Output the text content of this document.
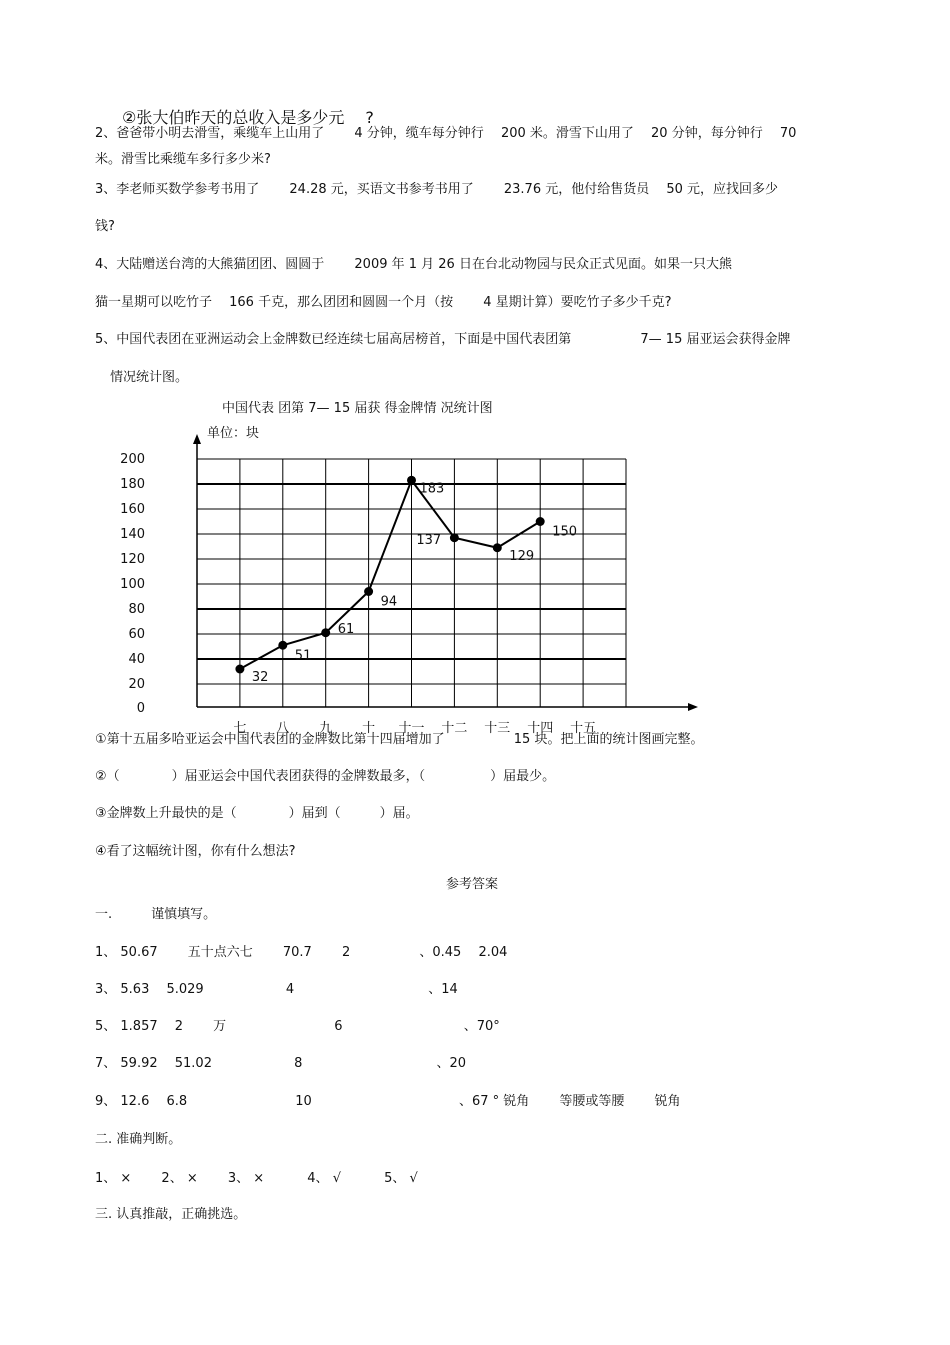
②张大伯昨天的总收入是多少元　 ?
2、爸爸带小明去滑雪，乘缆车上山用了　　 4 分钟，缆车每分钟行　 200 米。滑雪下山用了　 20 分钟，每分钟行　 70
米。滑雪比乘缆车多行多少米?
3、李老师买数学参考书用了　　 24.28 元，买语文书参考书用了　　 23.76 元，他付给售货员　 50 元，应找回多少
钱?
4、大陆赠送台湾的大熊猫团团、圆圆于　　 2009 年 1 月 26 日在台北动物园与民众正式见面。如果一只大熊
猫一星期可以吃竹子　 166 千克，那么团团和圆圆一个月（按　　 4 星期计算）要吃竹子多少千克?
5、中国代表团在亚洲运动会上金牌数已经连续七届高居榜首，下面是中国代表团第　　　　　 7— 15 届亚运会获得金牌
情况统计图。
中国代表 团第 7— 15 届获 得金牌情 况统计图
单位：块
0
20
40
60
80
100
120
140
160
180
200
七 八 九 十 十一 十二 十三 十四 十五
32
51
61
94
183
137
129
150
①第十五届多哈亚运会中国代表团的金牌数比第十四届增加了　　　　　 15 块。把上面的统计图画完整。
②（　　　　）届亚运会中国代表团获得的金牌数最多，（　　　　　）届最少。
③金牌数上升最快的是（　　　　）届到（　　　）届。
④看了这幅统计图，你有什么想法?
参考答案
一.　　　谨慎填写。
1、 50.67　　 五十点六七　　 70.7　　 2　　　　　 、0.45　 2.04
3、 5.63　 5.029　　　　　　 4　　　　　　　　　　 、14
5、 1.857　 2　　 万　　　　　　　　 6　　　　　　　　　 、70°
7、 59.92　 51.02　　　　　　 8　　　　　　　　　　 、20
9、 12.6　 6.8　　　　　　　　 10　　　　　　　　　　　 、67 ° 锐角　　 等腰或等腰　　 锐角
二. 准确判断。
1、 ×　　 2、 ×　　 3、 ×　　　 4、 √　　　 5、 √
三. 认真推敲，正确挑选。
